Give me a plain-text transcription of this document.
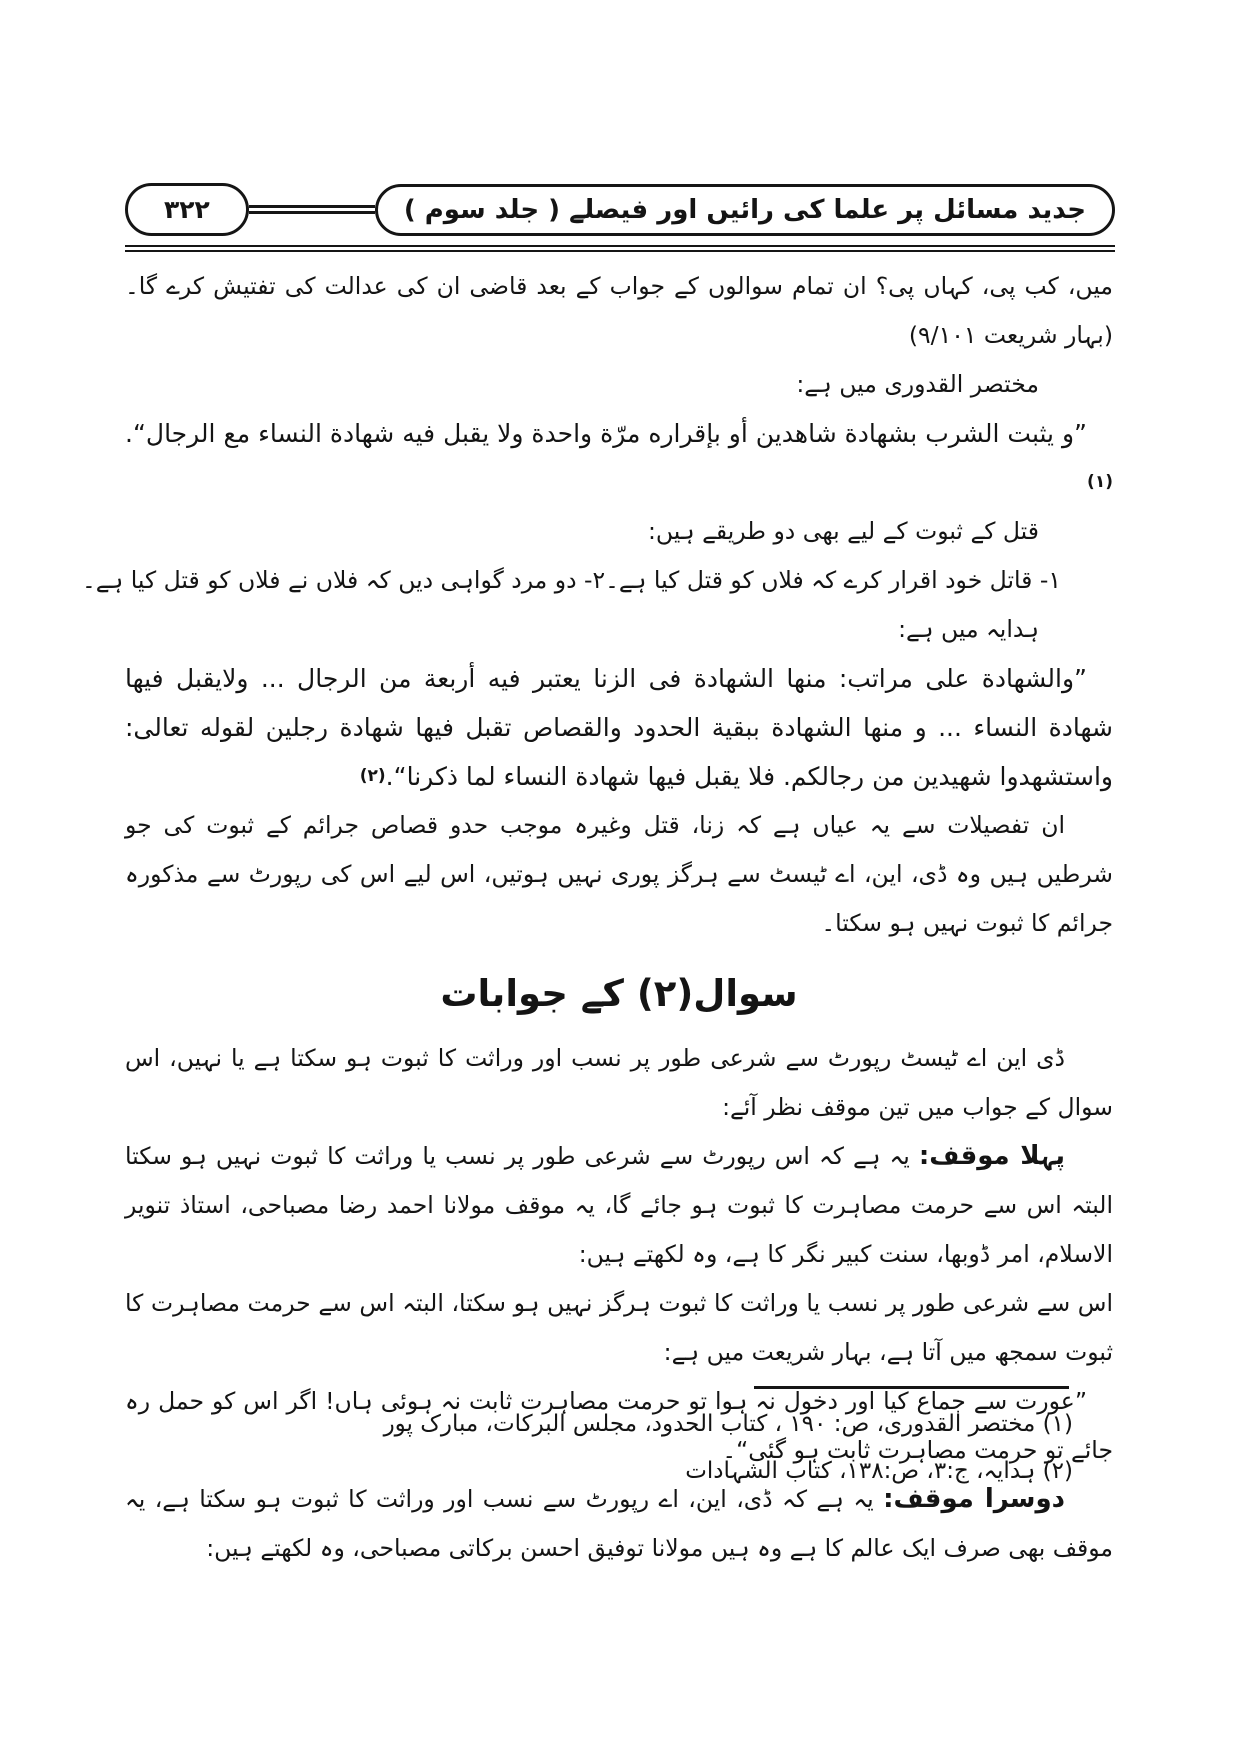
جدید مسائل پر علما کی رائیں اور فیصلے ( جلد سوم )
۳۲۲

میں، کب پی، کہاں پی؟ ان تمام سوالوں کے جواب کے بعد قاضی ان کی عدالت کی تفتیش کرے گا۔ (بہار شریعت ۹/۱۰۱)

مختصر القدوری میں ہے:

”و یثبت الشرب بشهادة شاهدین أو بإقراره مرّة واحدة ولا یقبل فیه شهادة النساء مع الرجال“.(۱)

قتل کے ثبوت کے لیے بھی دو طریقے ہیں:

۱- قاتل خود اقرار کرے کہ فلاں کو قتل کیا ہے۔
۲- دو مرد گواہی دیں کہ فلاں نے فلاں کو قتل کیا ہے۔

ہدایہ میں ہے:

”والشهادة علی مراتب: منها الشهادة فی الزنا یعتبر فیه أربعة من الرجال ... ولایقبل فیها شهادة النساء ... و منها الشهادة ببقیة الحدود والقصاص تقبل فیها شهادة رجلین لقوله تعالی: واستشهدوا شهیدین من رجالکم. فلا یقبل فیها شهادة النساء لما ذکرنا“.(۲)

ان تفصیلات سے یہ عیاں ہے کہ زنا، قتل وغیرہ موجب حدو قصاص جرائم کے ثبوت کی جو شرطیں ہیں وہ ڈی، این، اے ٹیسٹ سے ہرگز پوری نہیں ہوتیں، اس لیے اس کی رپورٹ سے مذکورہ جرائم کا ثبوت نہیں ہو سکتا۔

سوال(۲) کے جوابات

ڈی این اے ٹیسٹ رپورٹ سے شرعی طور پر نسب اور وراثت کا ثبوت ہو سکتا ہے یا نہیں، اس سوال کے جواب میں تین موقف نظر آئے:

پہلا موقف: یہ ہے کہ اس رپورٹ سے شرعی طور پر نسب یا وراثت کا ثبوت نہیں ہو سکتا البتہ اس سے حرمت مصاہرت کا ثبوت ہو جائے گا، یہ موقف مولانا احمد رضا مصباحی، استاذ تنویر الاسلام، امر ڈوبھا، سنت کبیر نگر کا ہے، وہ لکھتے ہیں:

اس سے شرعی طور پر نسب یا وراثت کا ثبوت ہرگز نہیں ہو سکتا، البتہ اس سے حرمت مصاہرت کا ثبوت سمجھ میں آتا ہے، بہار شریعت میں ہے:

”عورت سے جماع کیا اور دخول نہ ہوا تو حرمت مصاہرت ثابت نہ ہوئی ہاں! اگر اس کو حمل رہ جائے تو حرمت مصاہرت ثابت ہو گئی“۔

دوسرا موقف: یہ ہے کہ ڈی، این، اے رپورٹ سے نسب اور وراثت کا ثبوت ہو سکتا ہے، یہ موقف بھی صرف ایک عالم کا ہے وہ ہیں مولانا توفیق احسن برکاتی مصباحی، وہ لکھتے ہیں:

(۱) مختصر القدوری، ص: ۱۹۰ ، کتاب الحدود، مجلس البرکات، مبارک پور

(۲) ہدایہ، ج:۳، ص:۱۳۸، کتاب الشہادات
